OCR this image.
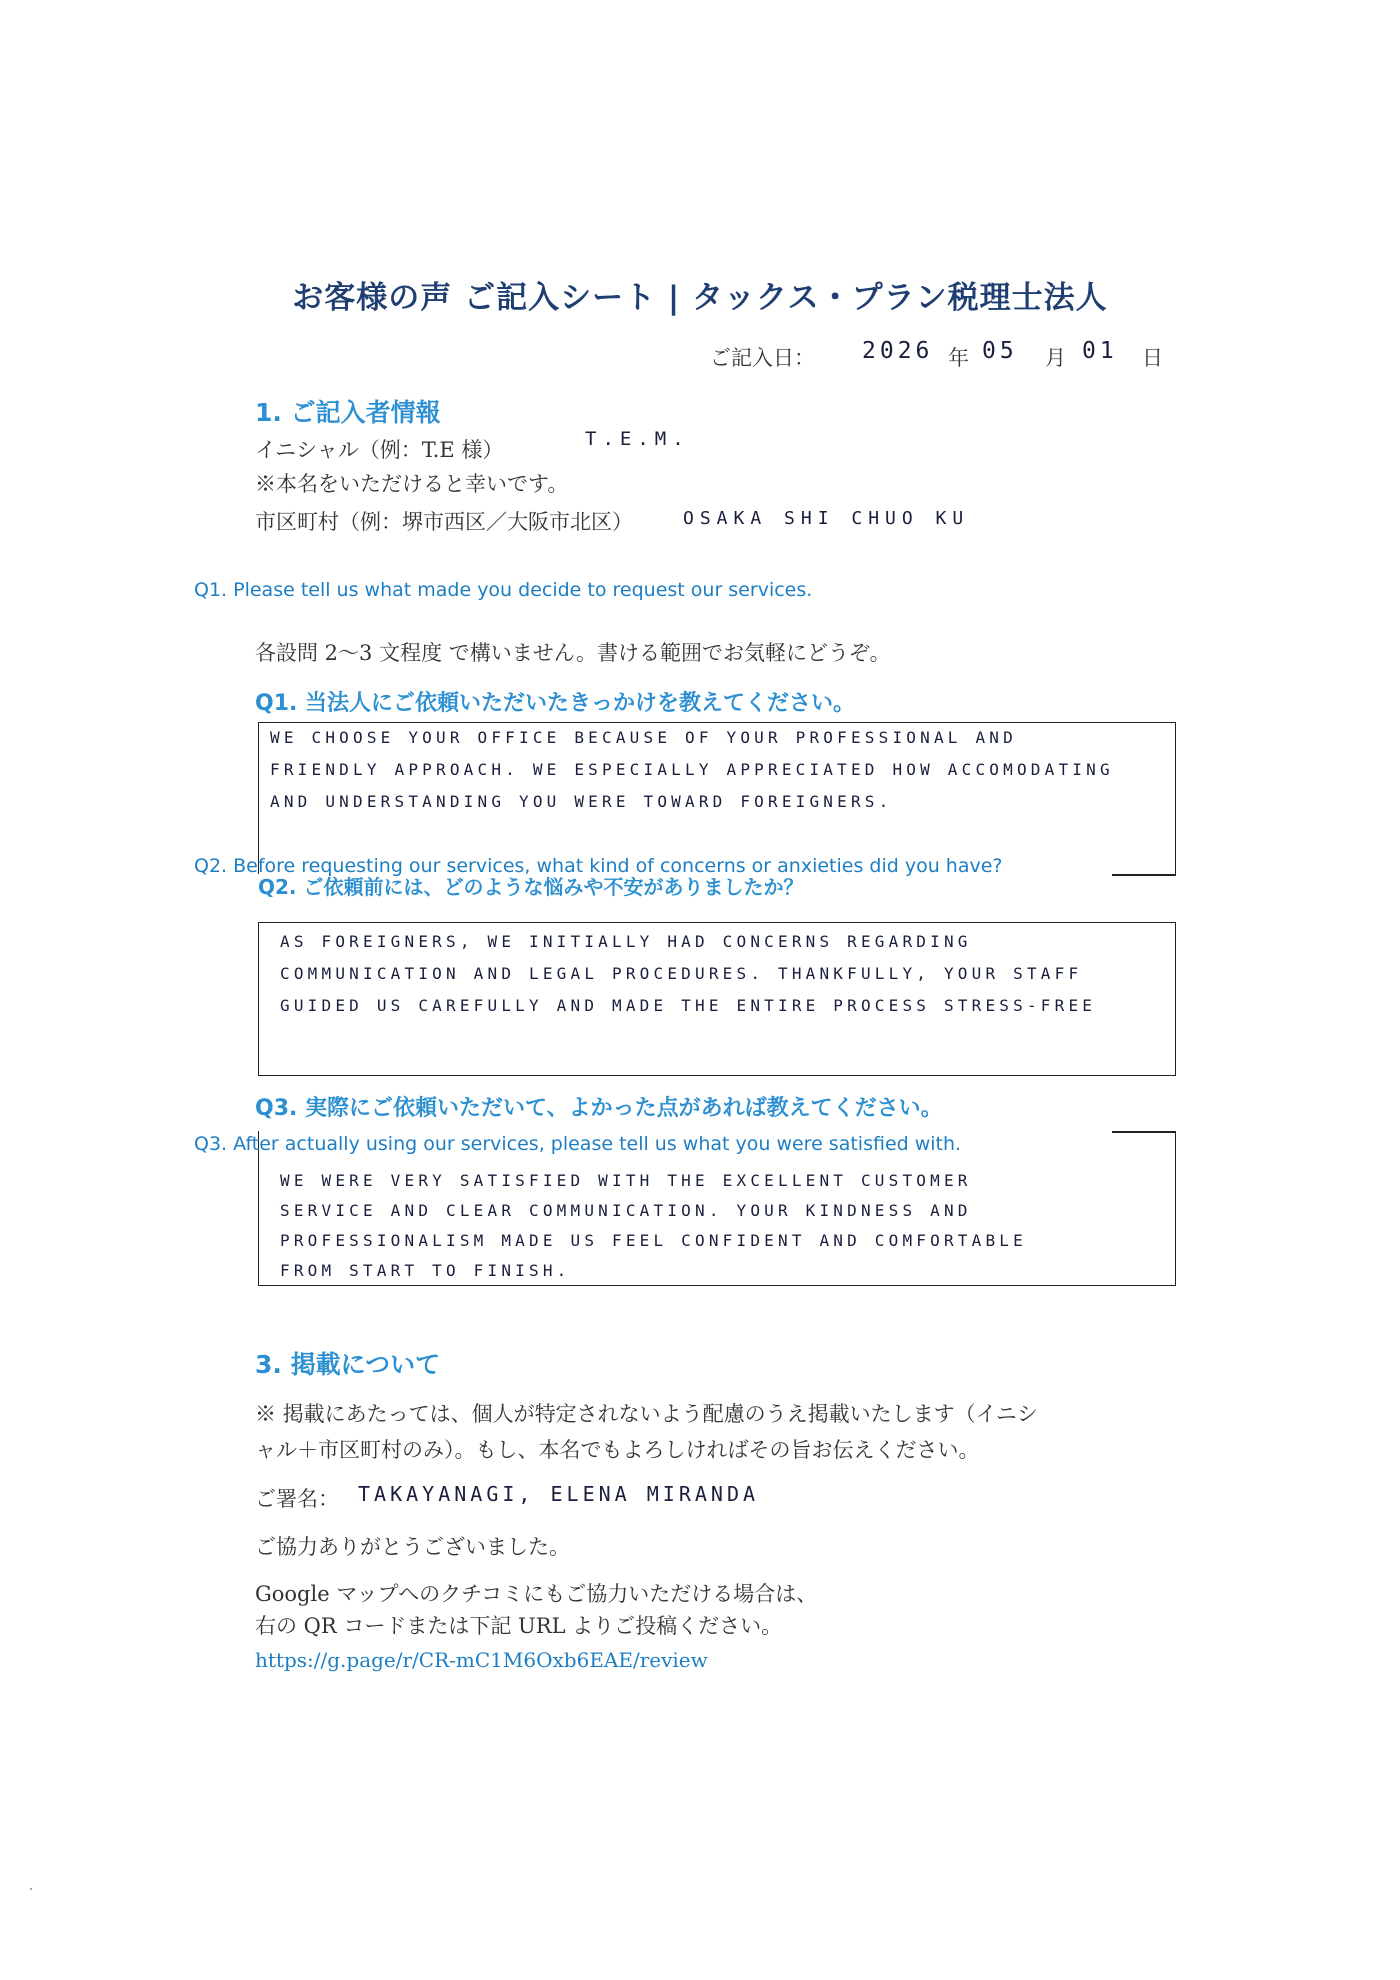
お客様の声 ご記入シート | タックス・プラン税理士法人
ご記入日： 2026 年 05 月 01 日
1. ご記入者情報
イニシャル（例：T.E 様）	T.E.M.
※本名をいただけると幸いです。
市区町村（例：堺市西区／大阪市北区）	OSAKA SHI CHUO KU
Q1. Please tell us what made you decide to request our services.
各設問 2〜3 文程度 で構いません。書ける範囲でお気軽にどうぞ。
Q1. 当法人にご依頼いただいたきっかけを教えてください。
WE CHOOSE YOUR OFFICE BECAUSE OF YOUR PROFESSIONAL AND
FRIENDLY APPROACH. WE ESPECIALLY APPRECIATED HOW ACCOMODATING
AND UNDERSTANDING YOU WERE TOWARD FOREIGNERS.
Q2. Before requesting our services, what kind of concerns or anxieties did you have?
Q2. ご依頼前には、どのような悩みや不安がありましたか？
AS FOREIGNERS, WE INITIALLY HAD CONCERNS REGARDING
COMMUNICATION AND LEGAL PROCEDURES. THANKFULLY, YOUR STAFF
GUIDED US CAREFULLY AND MADE THE ENTIRE PROCESS STRESS-FREE
Q3. 実際にご依頼いただいて、よかった点があれば教えてください。
Q3. After actually using our services, please tell us what you were satisfied with.
WE WERE VERY SATISFIED WITH THE EXCELLENT CUSTOMER
SERVICE AND CLEAR COMMUNICATION. YOUR KINDNESS AND
PROFESSIONALISM MADE US FEEL CONFIDENT AND COMFORTABLE
FROM START TO FINISH.
3. 掲載について
※ 掲載にあたっては、個人が特定されないよう配慮のうえ掲載いたします（イニシ
ャル＋市区町村のみ）。もし、本名でもよろしければその旨お伝えください。
ご署名： TAKAYANAGI, ELENA MIRANDA
ご協力ありがとうございました。
Google マップへのクチコミにもご協力いただける場合は、
右の QR コードまたは下記 URL よりご投稿ください。
https://g.page/r/CR-mC1M6Oxb6EAE/review
